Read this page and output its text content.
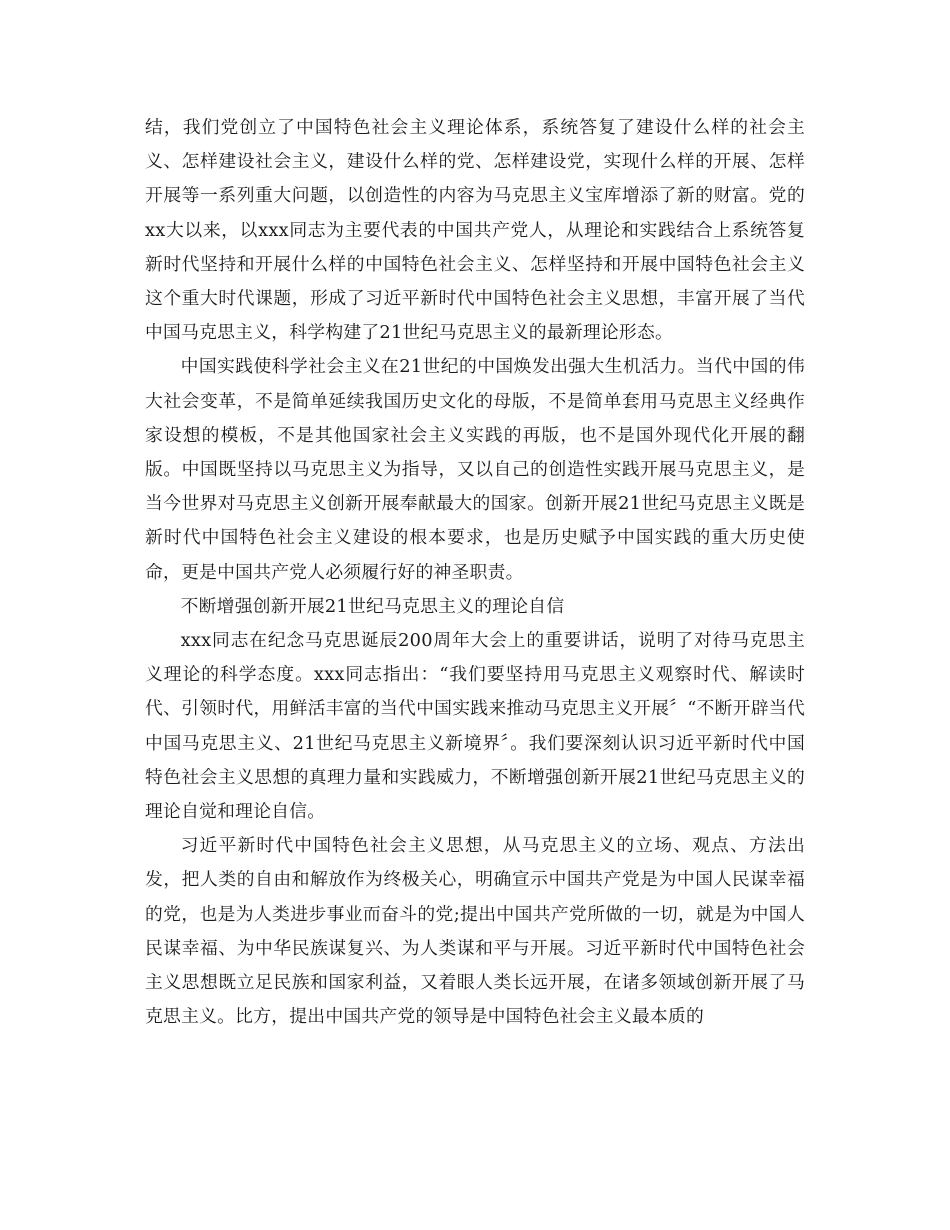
结，我们党创立了中国特色社会主义理论体系，系统答复了建设什么样的社会主义、怎样建设社会主义，建设什么样的党、怎样建设党，实现什么样的开展、怎样开展等一系列重大问题，以创造性的内容为马克思主义宝库增添了新的财富。党的xx大以来，以xxx同志为主要代表的中国共产党人，从理论和实践结合上系统答复新时代坚持和开展什么样的中国特色社会主义、怎样坚持和开展中国特色社会主义这个重大时代课题，形成了习近平新时代中国特色社会主义思想，丰富开展了当代中国马克思主义，科学构建了21世纪马克思主义的最新理论形态。

中国实践使科学社会主义在21世纪的中国焕发出强大生机活力。当代中国的伟大社会变革，不是简单延续我国历史文化的母版，不是简单套用马克思主义经典作家设想的模板，不是其他国家社会主义实践的再版，也不是国外现代化开展的翻版。中国既坚持以马克思主义为指导，又以自己的创造性实践开展马克思主义，是当今世界对马克思主义创新开展奉献最大的国家。创新开展21世纪马克思主义既是新时代中国特色社会主义建设的根本要求，也是历史赋予中国实践的重大历史使命，更是中国共产党人必须履行好的神圣职责。

不断增强创新开展21世纪马克思主义的理论自信

xxx同志在纪念马克思诞辰200周年大会上的重要讲话，说明了对待马克思主义理论的科学态度。xxx同志指出：“我们要坚持用马克思主义观察时代、解读时代、引领时代，用鲜活丰富的当代中国实践来推动马克思主义开展〞“不断开辟当代中国马克思主义、21世纪马克思主义新境界〞。我们要深刻认识习近平新时代中国特色社会主义思想的真理力量和实践威力，不断增强创新开展21世纪马克思主义的理论自觉和理论自信。

习近平新时代中国特色社会主义思想，从马克思主义的立场、观点、方法出发，把人类的自由和解放作为终极关心，明确宣示中国共产党是为中国人民谋幸福的党，也是为人类进步事业而奋斗的党;提出中国共产党所做的一切，就是为中国人民谋幸福、为中华民族谋复兴、为人类谋和平与开展。习近平新时代中国特色社会主义思想既立足民族和国家利益，又着眼人类长远开展，在诸多领域创新开展了马克思主义。比方，提出中国共产党的领导是中国特色社会主义最本质的
